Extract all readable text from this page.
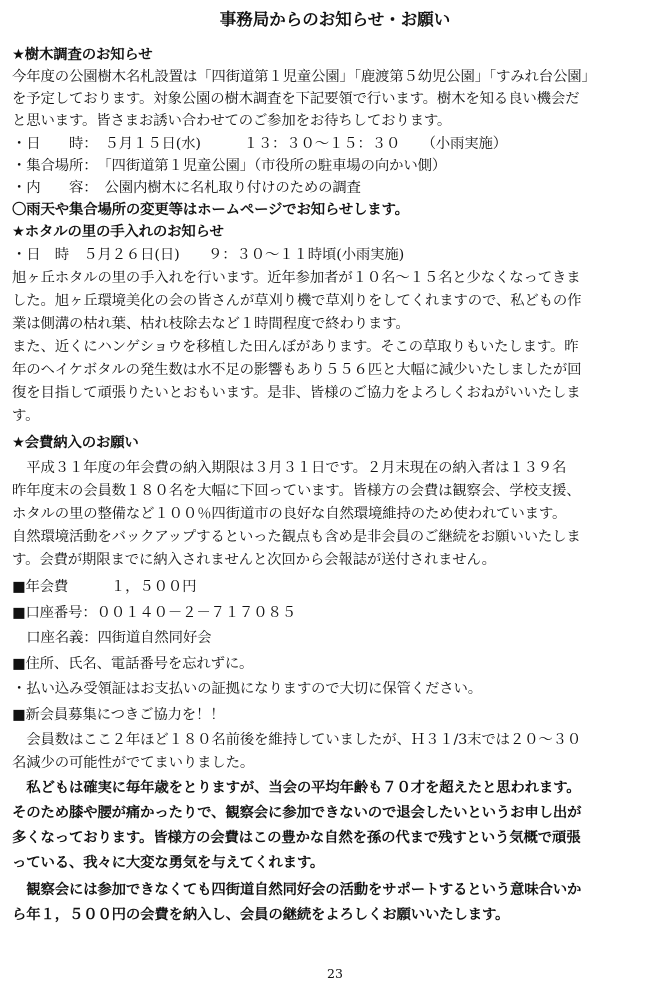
事務局からのお知らせ・お願い
★樹木調査のお知らせ
今年度の公園樹木名札設置は「四街道第１児童公園」「鹿渡第５幼児公園」「すみれ台公園」
を予定しております。対象公園の樹木調査を下記要領で行います。樹木を知る良い機会だ
と思います。皆さまお誘い合わせてのご参加をお待ちしております。
・日　　時：　５月１５日(水)　　　１３：３０～１５：３０　　（小雨実施）
・集合場所：　「四街道第１児童公園」（市役所の駐車場の向かい側）
・内　　容：　公園内樹木に名札取り付けのための調査
〇雨天や集合場所の変更等はホームページでお知らせします。
★ホタルの里の手入れのお知らせ
・日　時　５月２６日(日)　　９：３０～１１時頃(小雨実施)
旭ヶ丘ホタルの里の手入れを行います。近年参加者が１０名～１５名と少なくなってきま
した。旭ヶ丘環境美化の会の皆さんが草刈り機で草刈りをしてくれますので、私どもの作
業は側溝の枯れ葉、枯れ枝除去など１時間程度で終わります。
また、近くにハンゲショウを移植した田んぼがあります。そこの草取りもいたします。昨
年のヘイケボタルの発生数は水不足の影響もあり５５６匹と大幅に減少いたしましたが回
復を目指して頑張りたいとおもいます。是非、皆様のご協力をよろしくおねがいいたしま
す。
★会費納入のお願い
　平成３１年度の年会費の納入期限は３月３１日です。２月末現在の納入者は１３９名
昨年度末の会員数１８０名を大幅に下回っています。皆様方の会費は観察会、学校支援、
ホタルの里の整備など１００％四街道市の良好な自然環境維持のため使われています。
自然環境活動をバックアップするといった観点も含め是非会員のご継続をお願いいたしま
す。会費が期限までに納入されませんと次回から会報誌が送付されません。
■年会費　　　１，５００円
■口座番号：００１４０－２－７１７０８５
　口座名義：四街道自然同好会
■住所、氏名、電話番号を忘れずに。
・払い込み受領証はお支払いの証拠になりますので大切に保管ください。
■新会員募集につきご協力を！！
　会員数はここ２年ほど１８０名前後を維持していましたが、Ｈ３１/3末では２０～３０
名減少の可能性がでてまいりました。
　私どもは確実に毎年歳をとりますが、当会の平均年齢も７０才を超えたと思われます。
そのため膝や腰が痛かったりで、観察会に参加できないので退会したいというお申し出が
多くなっております。皆様方の会費はこの豊かな自然を孫の代まで残すという気概で頑張
っている、我々に大変な勇気を与えてくれます。
　観察会には参加できなくても四街道自然同好会の活動をサポートするという意味合いか
ら年１，５００円の会費を納入し、会員の継続をよろしくお願いいたします。
23
